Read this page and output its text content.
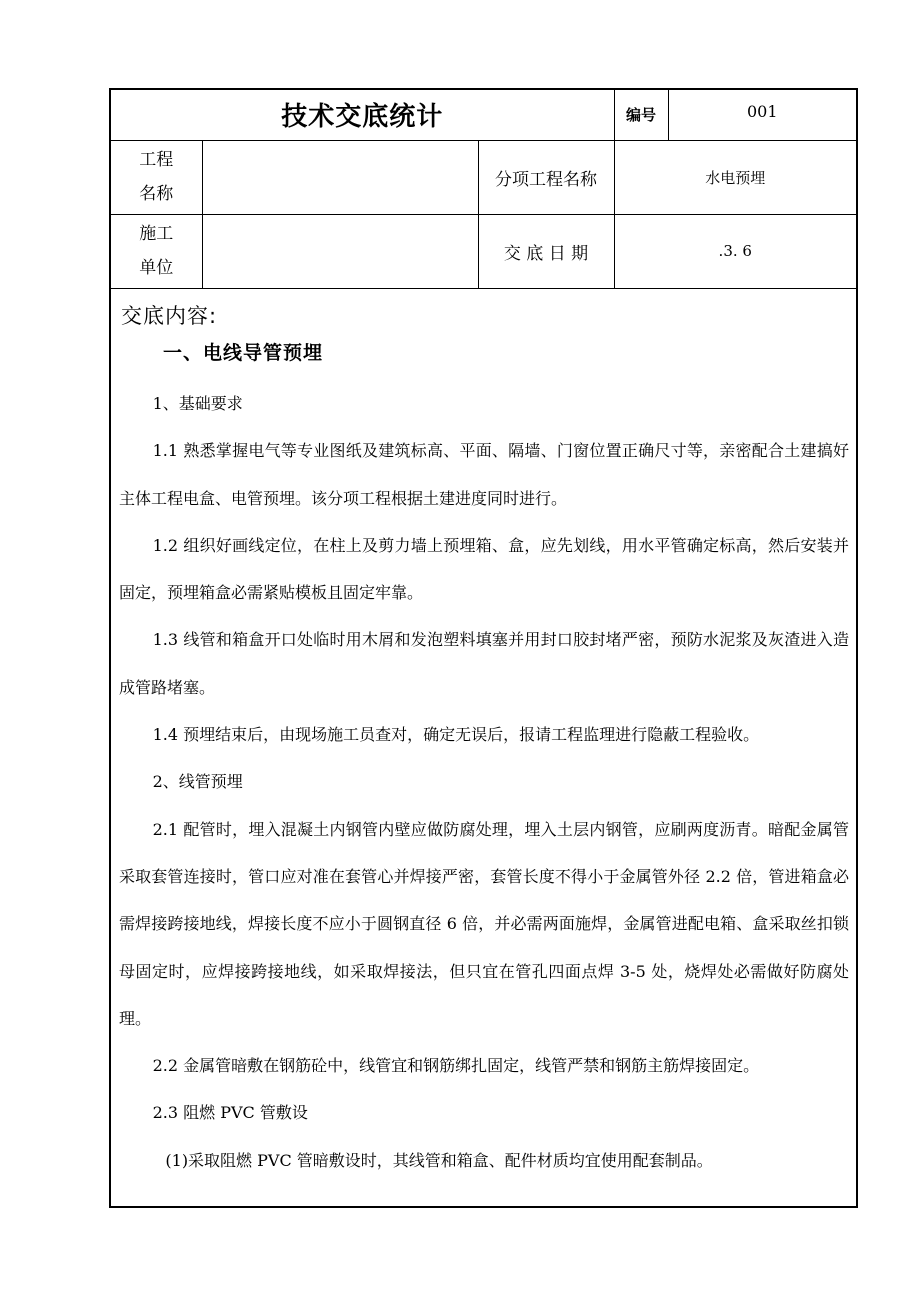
技术交底统计			编号	001
工程名称		分项工程名称	水电预埋	
施工单位		交 底 日 期	.3. 6	
交底内容:
一、电线导管预埋

1、基础要求

1.1 熟悉掌握电气等专业图纸及建筑标高、平面、隔墙、门窗位置正确尺寸等，亲密配合土建搞好主体工程电盒、电管预埋。该分项工程根据土建进度同时进行。

1.2 组织好画线定位，在柱上及剪力墙上预埋箱、盒，应先划线，用水平管确定标高，然后安装并固定，预埋箱盒必需紧贴模板且固定牢靠。

1.3 线管和箱盒开口处临时用木屑和发泡塑料填塞并用封口胶封堵严密，预防水泥浆及灰渣进入造成管路堵塞。

1.4 预埋结束后，由现场施工员查对，确定无误后，报请工程监理进行隐蔽工程验收。

2、线管预埋

2.1 配管时，埋入混凝土内钢管内壁应做防腐处理，埋入土层内钢管，应刷两度沥青。暗配金属管采取套管连接时，管口应对准在套管心并焊接严密，套管长度不得小于金属管外径 2.2 倍，管进箱盒必需焊接跨接地线，焊接长度不应小于圆钢直径 6 倍，并必需两面施焊，金属管进配电箱、盒采取丝扣锁母固定时，应焊接跨接地线，如采取焊接法，但只宜在管孔四面点焊 3-5 处，烧焊处必需做好防腐处理。

2.2 金属管暗敷在钢筋砼中，线管宜和钢筋绑扎固定，线管严禁和钢筋主筋焊接固定。

2.3 阻燃 PVC 管敷设

(1)采取阻燃 PVC 管暗敷设时，其线管和箱盒、配件材质均宜使用配套制品。
